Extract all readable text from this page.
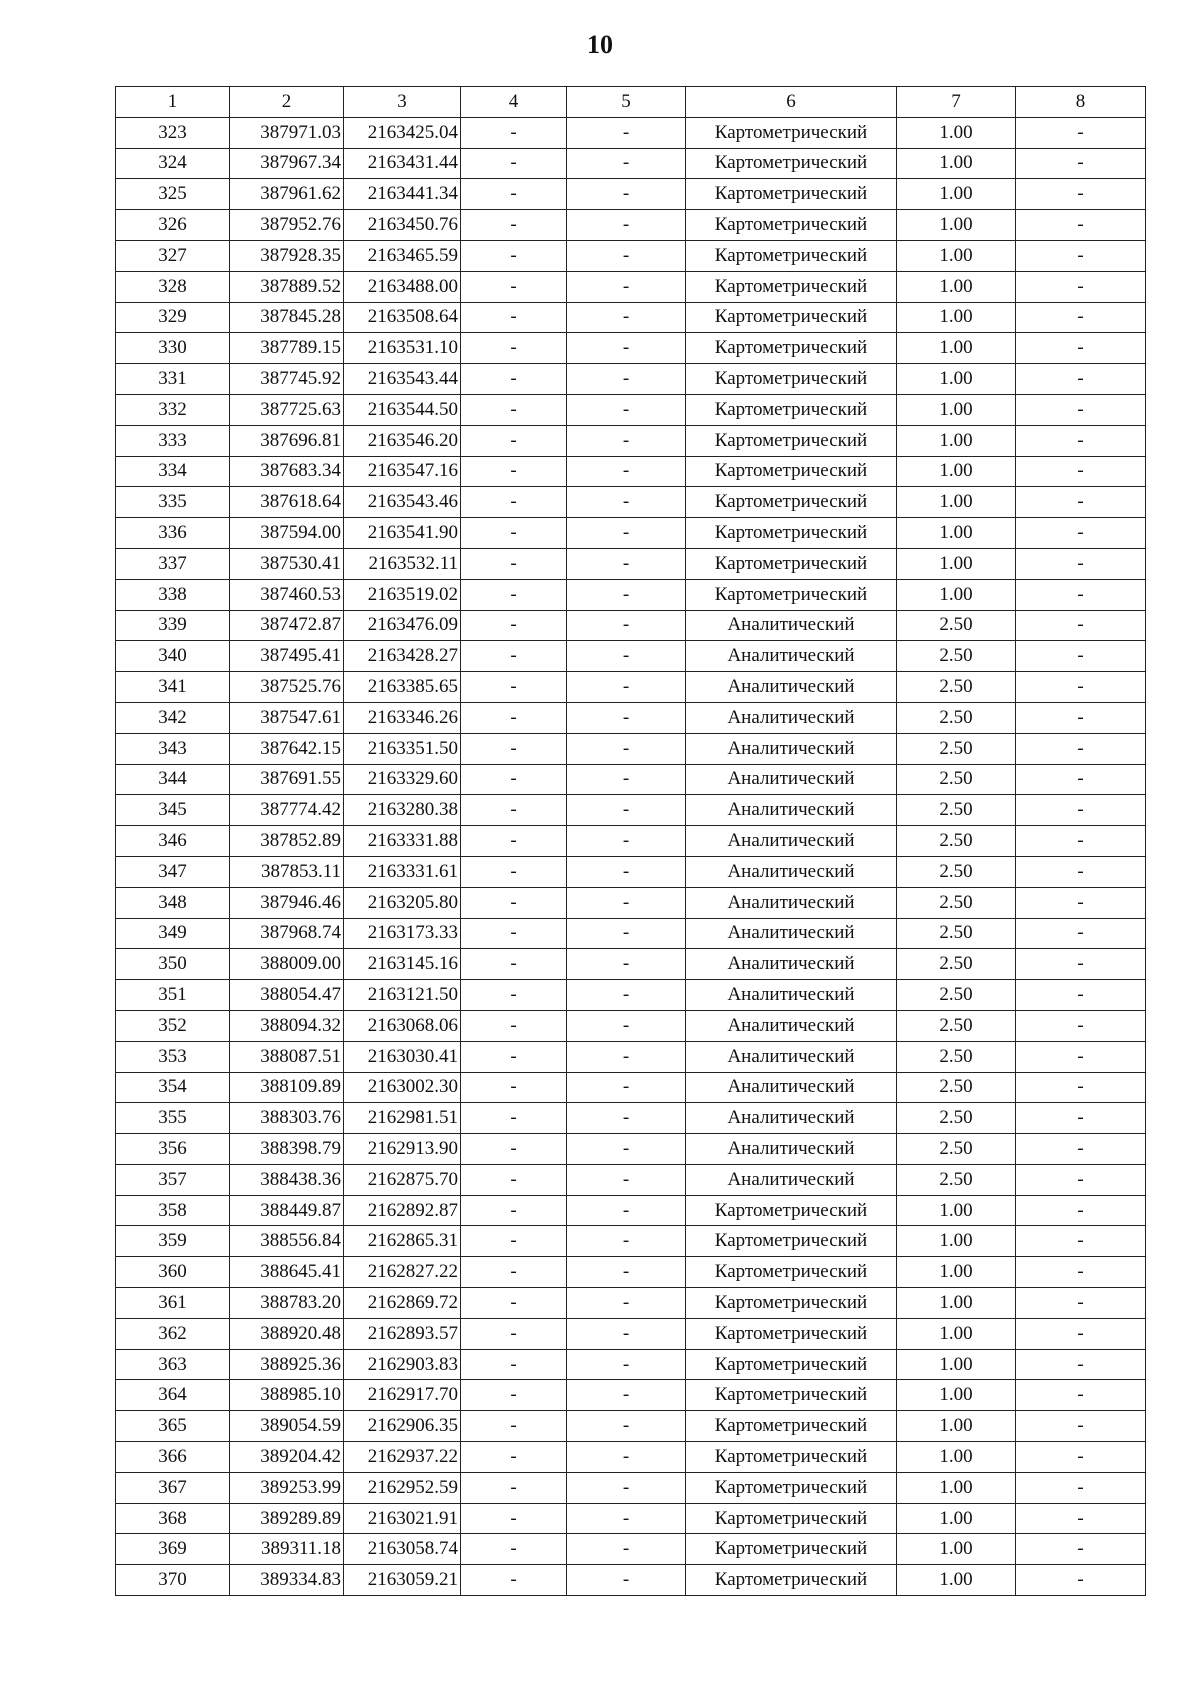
10
1	2	3	4	5	6	7	8
323	387971.03	2163425.04	-	-	Картометрический	1.00	-
324	387967.34	2163431.44	-	-	Картометрический	1.00	-
325	387961.62	2163441.34	-	-	Картометрический	1.00	-
326	387952.76	2163450.76	-	-	Картометрический	1.00	-
327	387928.35	2163465.59	-	-	Картометрический	1.00	-
328	387889.52	2163488.00	-	-	Картометрический	1.00	-
329	387845.28	2163508.64	-	-	Картометрический	1.00	-
330	387789.15	2163531.10	-	-	Картометрический	1.00	-
331	387745.92	2163543.44	-	-	Картометрический	1.00	-
332	387725.63	2163544.50	-	-	Картометрический	1.00	-
333	387696.81	2163546.20	-	-	Картометрический	1.00	-
334	387683.34	2163547.16	-	-	Картометрический	1.00	-
335	387618.64	2163543.46	-	-	Картометрический	1.00	-
336	387594.00	2163541.90	-	-	Картометрический	1.00	-
337	387530.41	2163532.11	-	-	Картометрический	1.00	-
338	387460.53	2163519.02	-	-	Картометрический	1.00	-
339	387472.87	2163476.09	-	-	Аналитический	2.50	-
340	387495.41	2163428.27	-	-	Аналитический	2.50	-
341	387525.76	2163385.65	-	-	Аналитический	2.50	-
342	387547.61	2163346.26	-	-	Аналитический	2.50	-
343	387642.15	2163351.50	-	-	Аналитический	2.50	-
344	387691.55	2163329.60	-	-	Аналитический	2.50	-
345	387774.42	2163280.38	-	-	Аналитический	2.50	-
346	387852.89	2163331.88	-	-	Аналитический	2.50	-
347	387853.11	2163331.61	-	-	Аналитический	2.50	-
348	387946.46	2163205.80	-	-	Аналитический	2.50	-
349	387968.74	2163173.33	-	-	Аналитический	2.50	-
350	388009.00	2163145.16	-	-	Аналитический	2.50	-
351	388054.47	2163121.50	-	-	Аналитический	2.50	-
352	388094.32	2163068.06	-	-	Аналитический	2.50	-
353	388087.51	2163030.41	-	-	Аналитический	2.50	-
354	388109.89	2163002.30	-	-	Аналитический	2.50	-
355	388303.76	2162981.51	-	-	Аналитический	2.50	-
356	388398.79	2162913.90	-	-	Аналитический	2.50	-
357	388438.36	2162875.70	-	-	Аналитический	2.50	-
358	388449.87	2162892.87	-	-	Картометрический	1.00	-
359	388556.84	2162865.31	-	-	Картометрический	1.00	-
360	388645.41	2162827.22	-	-	Картометрический	1.00	-
361	388783.20	2162869.72	-	-	Картометрический	1.00	-
362	388920.48	2162893.57	-	-	Картометрический	1.00	-
363	388925.36	2162903.83	-	-	Картометрический	1.00	-
364	388985.10	2162917.70	-	-	Картометрический	1.00	-
365	389054.59	2162906.35	-	-	Картометрический	1.00	-
366	389204.42	2162937.22	-	-	Картометрический	1.00	-
367	389253.99	2162952.59	-	-	Картометрический	1.00	-
368	389289.89	2163021.91	-	-	Картометрический	1.00	-
369	389311.18	2163058.74	-	-	Картометрический	1.00	-
370	389334.83	2163059.21	-	-	Картометрический	1.00	-
